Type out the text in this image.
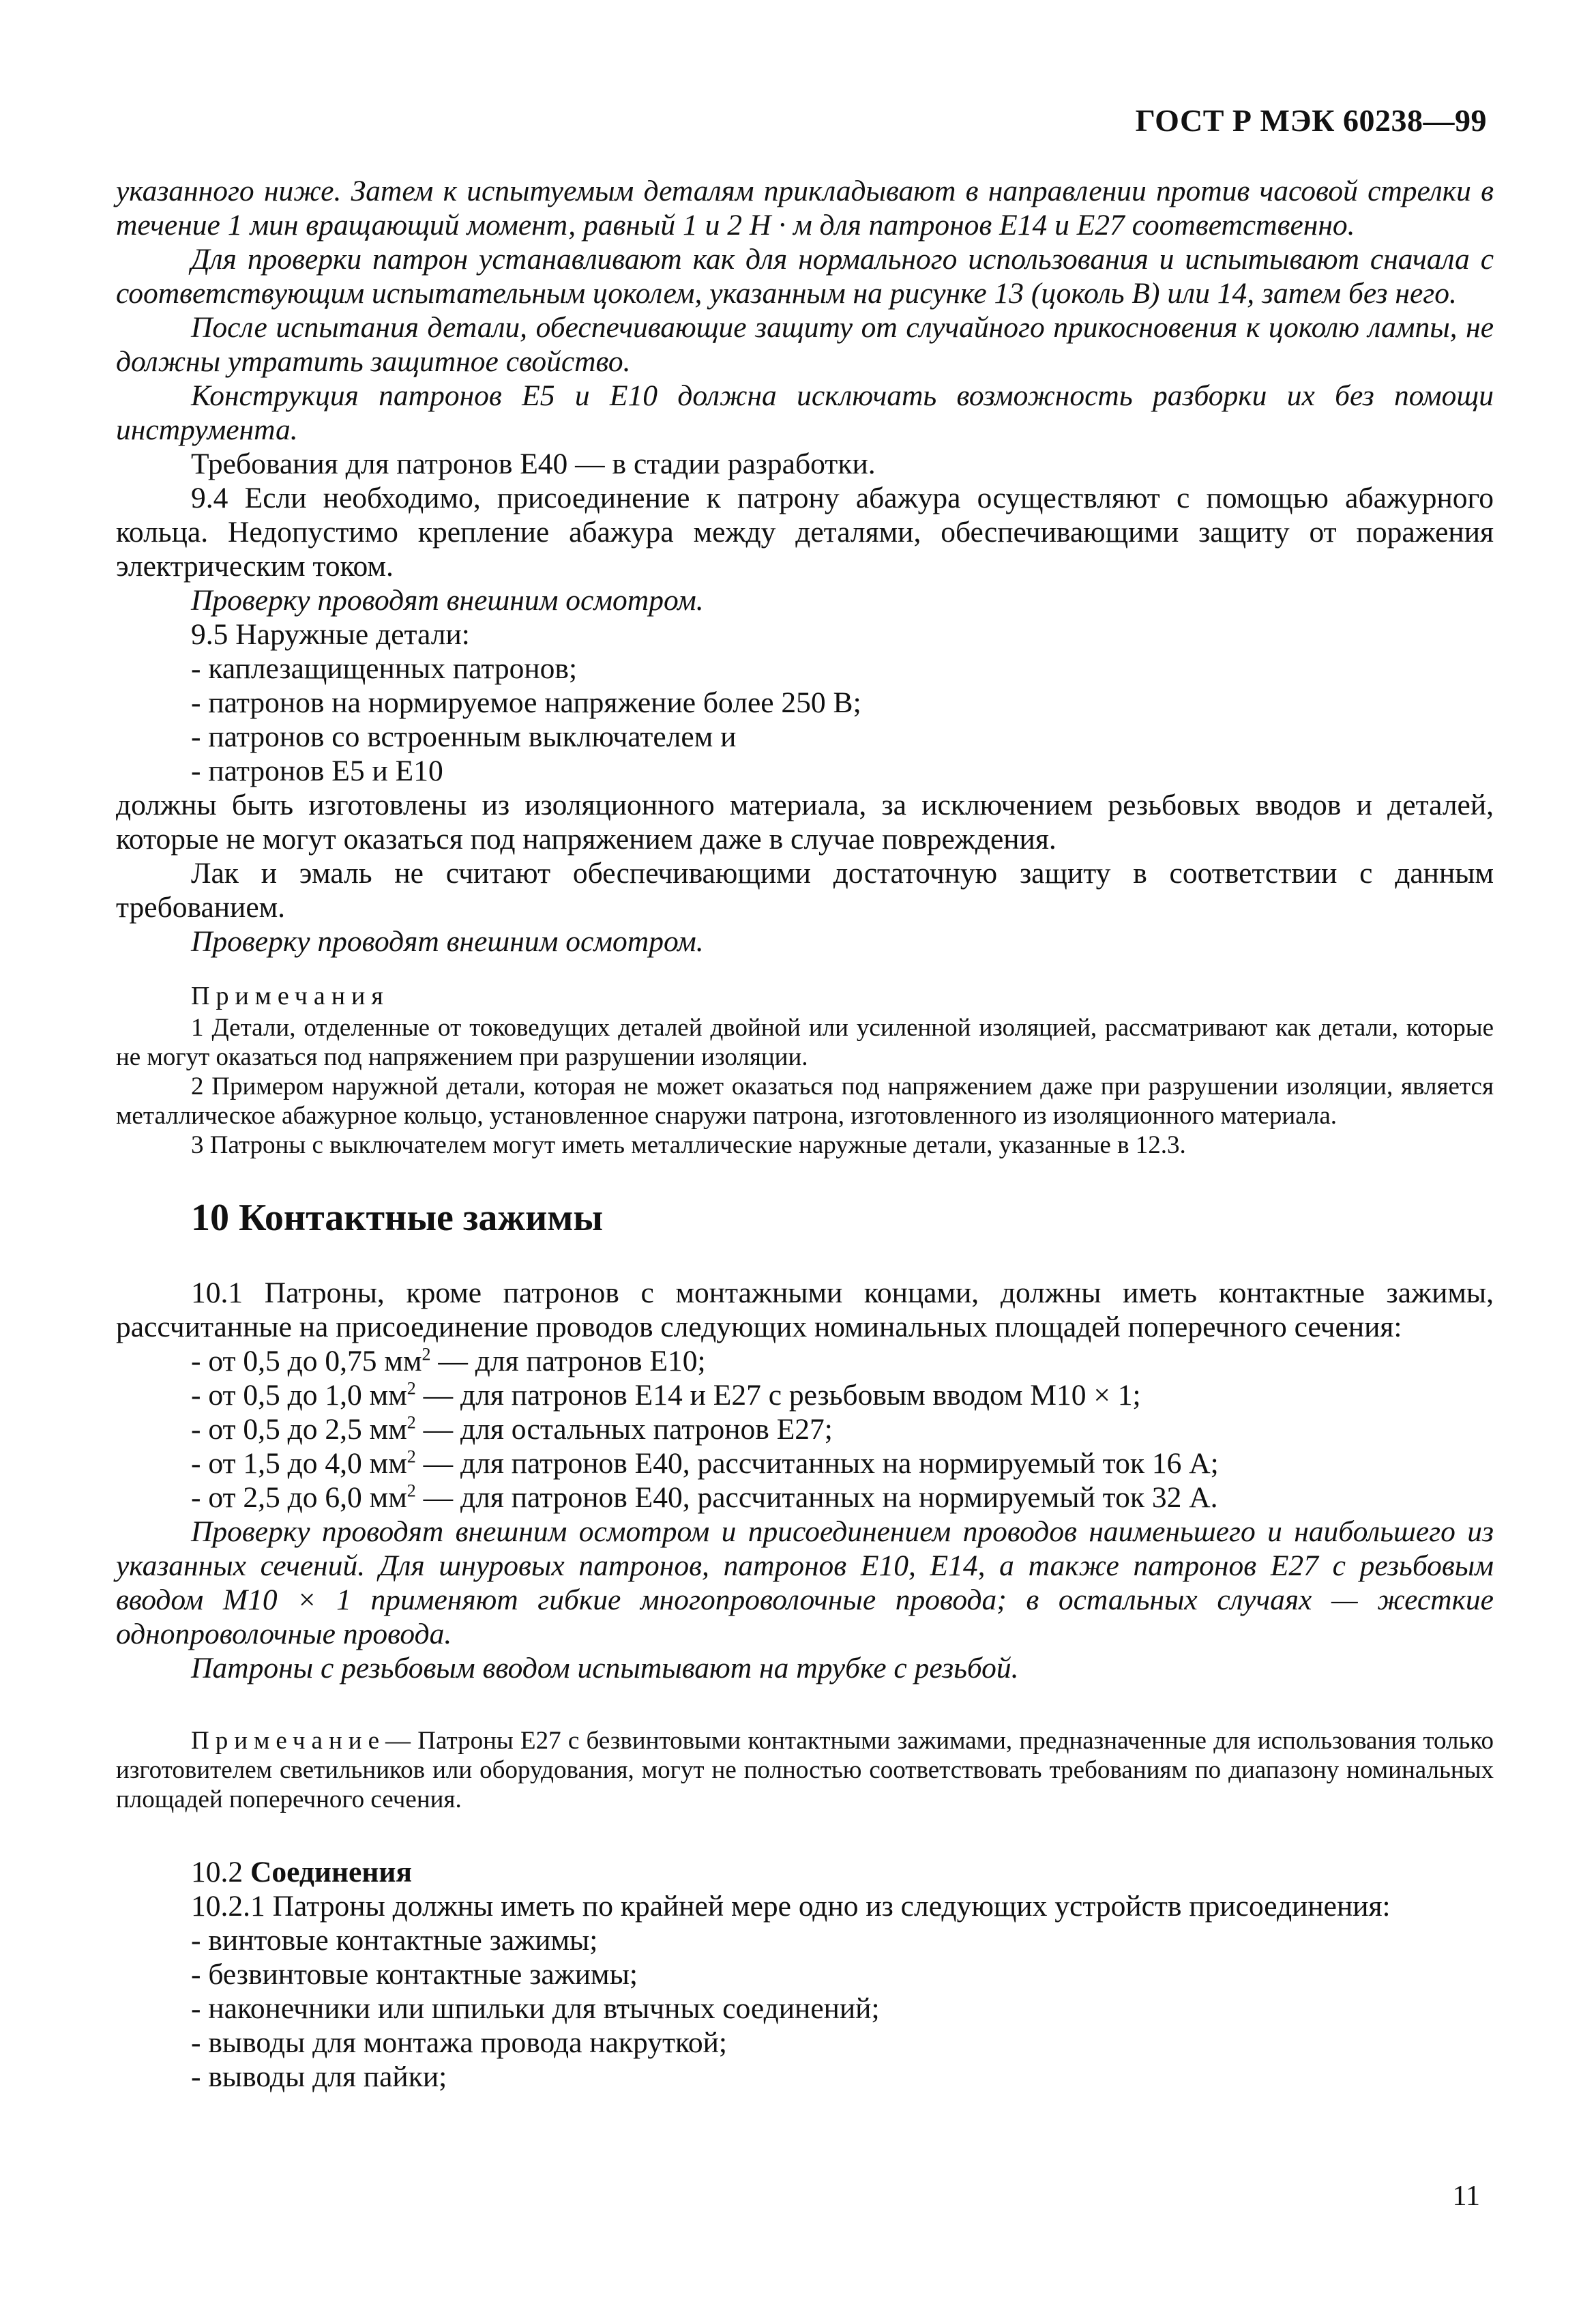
ГОСТ Р МЭК 60238—99

указанного ниже. Затем к испытуемым деталям прикладывают в направлении против часовой стрелки в течение 1 мин вращающий момент, равный 1 и 2 Н · м для патронов E14 и E27 соответственно.

Для проверки патрон устанавливают как для нормального использования и испытывают сначала с соответствующим испытательным цоколем, указанным на рисунке 13 (цоколь В) или 14, затем без него.

После испытания детали, обеспечивающие защиту от случайного прикосновения к цоколю лампы, не должны утратить защитное свойство.

Конструкция патронов E5 и E10 должна исключать возможность разборки их без помощи инструмента.

Требования для патронов E40 — в стадии разработки.

9.4 Если необходимо, присоединение к патрону абажура осуществляют с помощью абажурного кольца. Недопустимо крепление абажура между деталями, обеспечивающими защиту от поражения электрическим током.

Проверку проводят внешним осмотром.

9.5 Наружные детали:

- каплезащищенных патронов;

- патронов на нормируемое напряжение более 250 В;

- патронов со встроенным выключателем и

- патронов E5 и E10

должны быть изготовлены из изоляционного материала, за исключением резьбовых вводов и деталей, которые не могут оказаться под напряжением даже в случае повреждения.

Лак и эмаль не считают обеспечивающими достаточную защиту в соответствии с данным требованием.

Проверку проводят внешним осмотром.

Примечания

1 Детали, отделенные от токоведущих деталей двойной или усиленной изоляцией, рассматривают как детали, которые не могут оказаться под напряжением при разрушении изоляции.

2 Примером наружной детали, которая не может оказаться под напряжением даже при разрушении изоляции, является металлическое абажурное кольцо, установленное снаружи патрона, изготовленного из изоляционного материала.

3 Патроны с выключателем могут иметь металлические наружные детали, указанные в 12.3.

10 Контактные зажимы

10.1 Патроны, кроме патронов с монтажными концами, должны иметь контактные зажимы, рассчитанные на присоединение проводов следующих номинальных площадей поперечного сечения:

- от 0,5 до 0,75 $мм^2$ — для патронов E10;

- от 0,5 до 1,0 $мм^2$ — для патронов E14 и E27 с резьбовым вводом M10 × 1;

- от 0,5 до 2,5 $мм^2$ — для остальных патронов E27;

- от 1,5 до 4,0 $мм^2$ — для патронов E40, рассчитанных на нормируемый ток 16 А;

- от 2,5 до 6,0 $мм^2$ — для патронов E40, рассчитанных на нормируемый ток 32 А.

Проверку проводят внешним осмотром и присоединением проводов наименьшего и наибольшего из указанных сечений. Для шнуровых патронов, патронов E10, E14, а также патронов E27 с резьбовым вводом M10 × 1 применяют гибкие многопроволочные провода; в остальных случаях — жесткие однопроволочные провода.

Патроны с резьбовым вводом испытывают на трубке с резьбой.

Примечание— Патроны E27 с безвинтовыми контактными зажимами, предназначенные для использования только изготовителем светильников или оборудования, могут не полностью соответствовать требованиям по диапазону номинальных площадей поперечного сечения.

10.2 Соединения

10.2.1 Патроны должны иметь по крайней мере одно из следующих устройств присоединения:

- винтовые контактные зажимы;

- безвинтовые контактные зажимы;

- наконечники или шпильки для втычных соединений;

- выводы для монтажа провода накруткой;

- выводы для пайки;

11
